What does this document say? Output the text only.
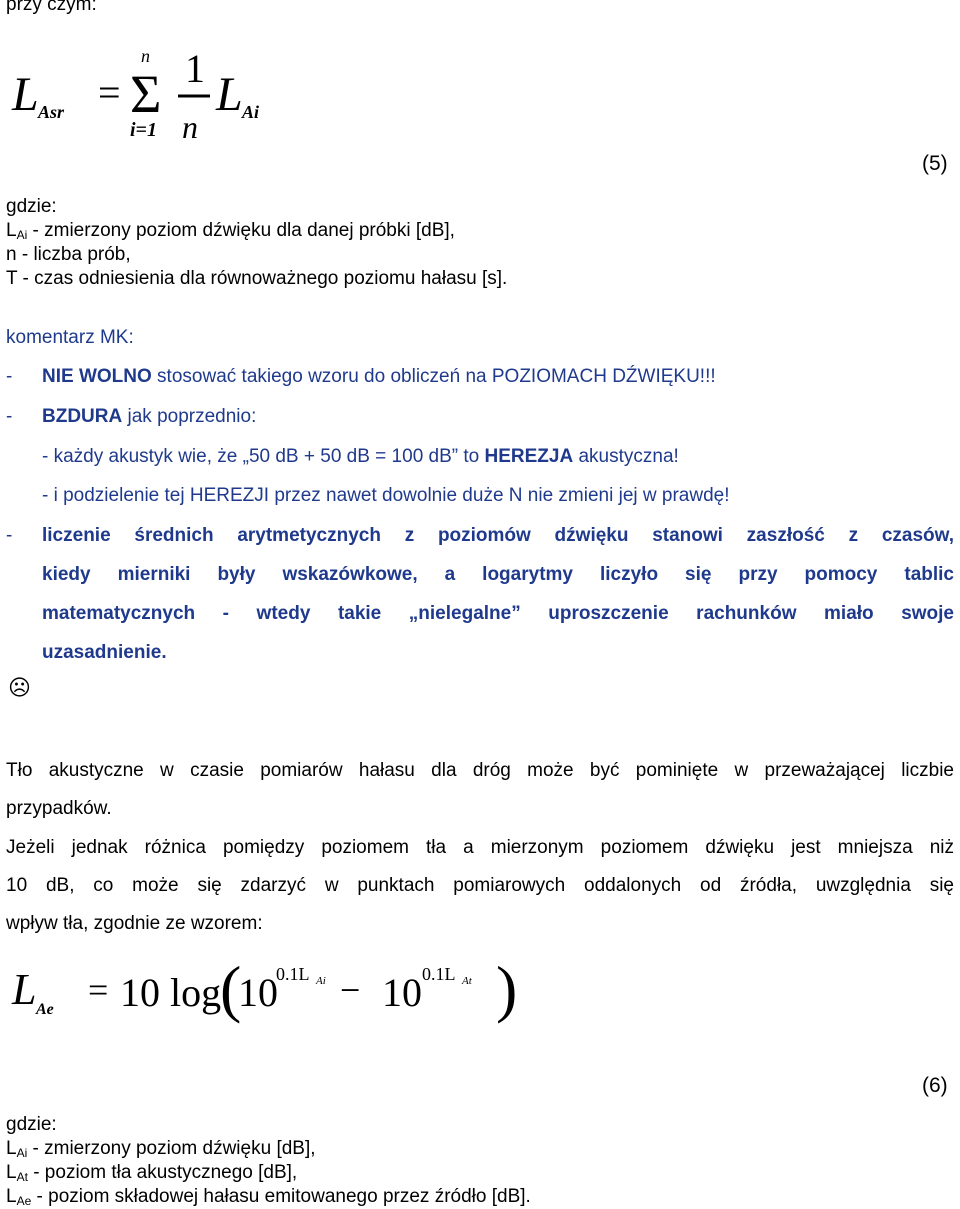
przy czym:
L Asr =
n
Σ
i=1
1
n
L Ai
(5)
gdzie:
$L_{Ai}$ - zmierzony poziom dźwięku dla danej próbki [dB],
n - liczba prób,
T - czas odniesienia dla równoważnego poziomu hałasu [s].
komentarz MK:
- NIE WOLNO stosować takiego wzoru do obliczeń na POZIOMACH DŹWIĘKU!!!
- BZDURA jak poprzednio:
- każdy akustyk wie, że „50 dB + 50 dB = 100 dB” to HEREZJA akustyczna!
- i podzielenie tej HEREZJI przez nawet dowolnie duże N nie zmieni jej w prawdę!
- liczenie średnich arytmetycznych z poziomów dźwięku stanowi zaszłość z czasów,
kiedy mierniki były wskazówkowe, a logarytmy liczyło się przy pomocy tablic
matematycznych - wtedy takie „nielegalne” uproszczenie rachunków miało swoje
uzasadnienie.
☹
Tło akustyczne w czasie pomiarów hałasu dla dróg może być pominięte w przeważającej liczbie
przypadków.
Jeżeli jednak różnica pomiędzy poziomem tła a mierzonym poziomem dźwięku jest mniejsza niż
10 dB, co może się zdarzyć w punktach pomiarowych oddalonych od źródła, uwzględnia się
wpływ tła, zgodnie ze wzorem:
L Ae = 10 log
(
10
0.1L Ai − 10 0.1L At )
(6)
gdzie:
$L_{Ai}$ - zmierzony poziom dźwięku [dB],
$L_{At}$ - poziom tła akustycznego [dB],
$L_{Ae}$ - poziom składowej hałasu emitowanego przez źródło [dB].
